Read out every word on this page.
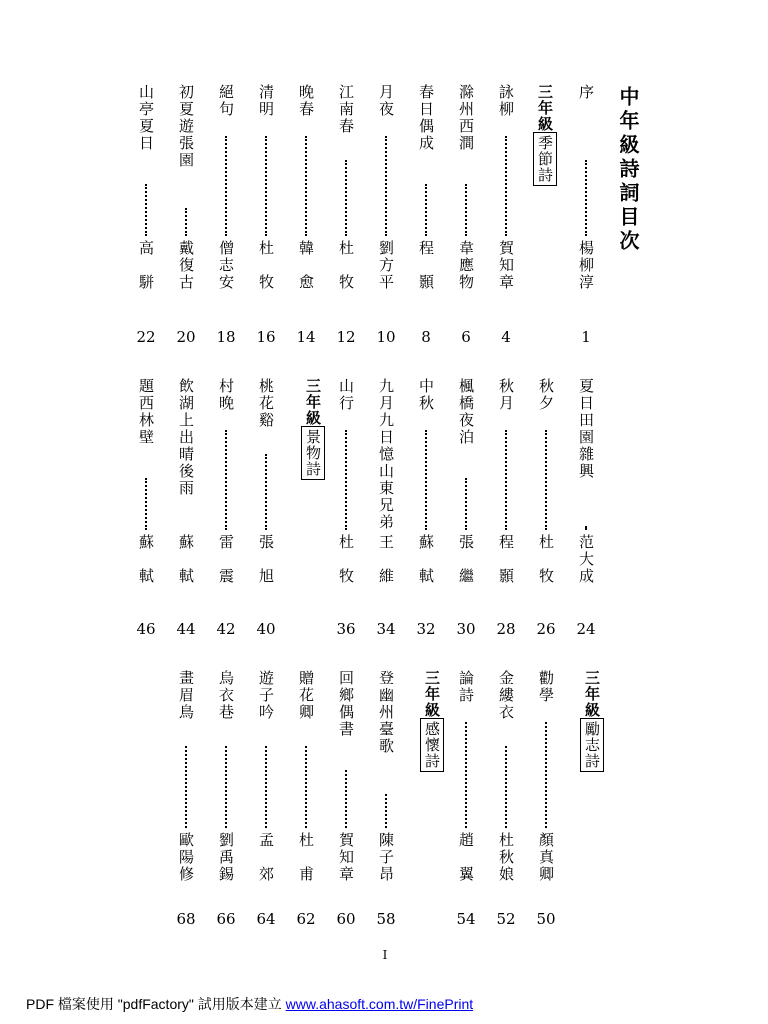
中年級詩詞目次
三年級
季節詩
三年級
景物詩
三年級
感懷詩
三年級
勵志詩
序
楊柳淳
1
詠柳
賀知章
4
滁州西澗
韋應物
6
春日偶成
程　顥
8
月夜
劉方平
10
江南春
杜　牧
12
晚春
韓　愈
14
清明
杜　牧
16
絕句
僧志安
18
初夏遊張園
戴復古
20
山亭夏日
高　駢
22
夏日田園雜興
范大成
24
秋夕
杜　牧
26
秋月
程　顥
28
楓橋夜泊
張　繼
30
中秋
蘇　軾
32
九月九日憶山東兄弟
王　維
34
山行
杜　牧
36
桃花谿
張　旭
40
村晚
雷　震
42
飲湖上出晴後雨
蘇　軾
44
題西林壁
蘇　軾
46
勸學
顏真卿
50
金縷衣
杜秋娘
52
論詩
趙　翼
54
登幽州臺歌
陳子昂
58
回鄉偶書
賀知章
60
贈花卿
杜　甫
62
遊子吟
孟　郊
64
烏衣巷
劉禹錫
66
畫眉鳥
歐陽修
68
I
PDF 檔案使用 "pdfFactory" 試用版本建立 www.ahasoft.com.tw/FinePrint
